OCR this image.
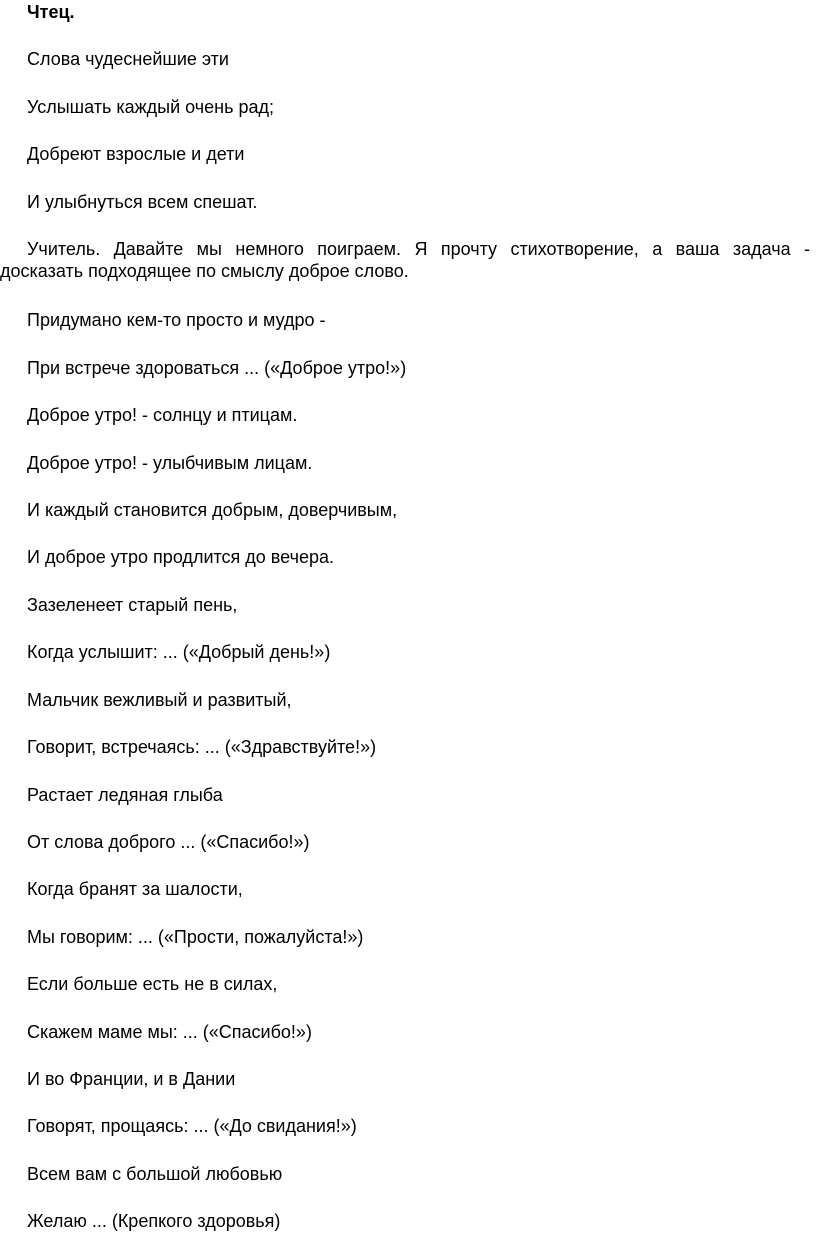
Чтец.
Слова чудеснейшие эти
Услышать каждый очень рад;
Добреют взрослые и дети
И улыбнуться всем спешат.
Учитель. Давайте мы немного поиграем. Я прочту стихотворение, а ваша задача -
досказать подходящее по смыслу доброе слово.
Придумано кем-то просто и мудро -
При встрече здороваться ... («Доброе утро!»)
Доброе утро! - солнцу и птицам.
Доброе утро! - улыбчивым лицам.
И каждый становится добрым, доверчивым,
И доброе утро продлится до вечера.
Зазеленеет старый пень,
Когда услышит: ... («Добрый день!»)
Мальчик вежливый и развитый,
Говорит, встречаясь: ... («Здравствуйте!»)
Растает ледяная глыба
От слова доброго ... («Спасибо!»)
Когда бранят за шалости,
Мы говорим: ... («Прости, пожалуйста!»)
Если больше есть не в силах,
Скажем маме мы: ... («Спасибо!»)
И во Франции, и в Дании
Говорят, прощаясь: ... («До свидания!»)
Всем вам с большой любовью
Желаю ... (Крепкого здоровья)
